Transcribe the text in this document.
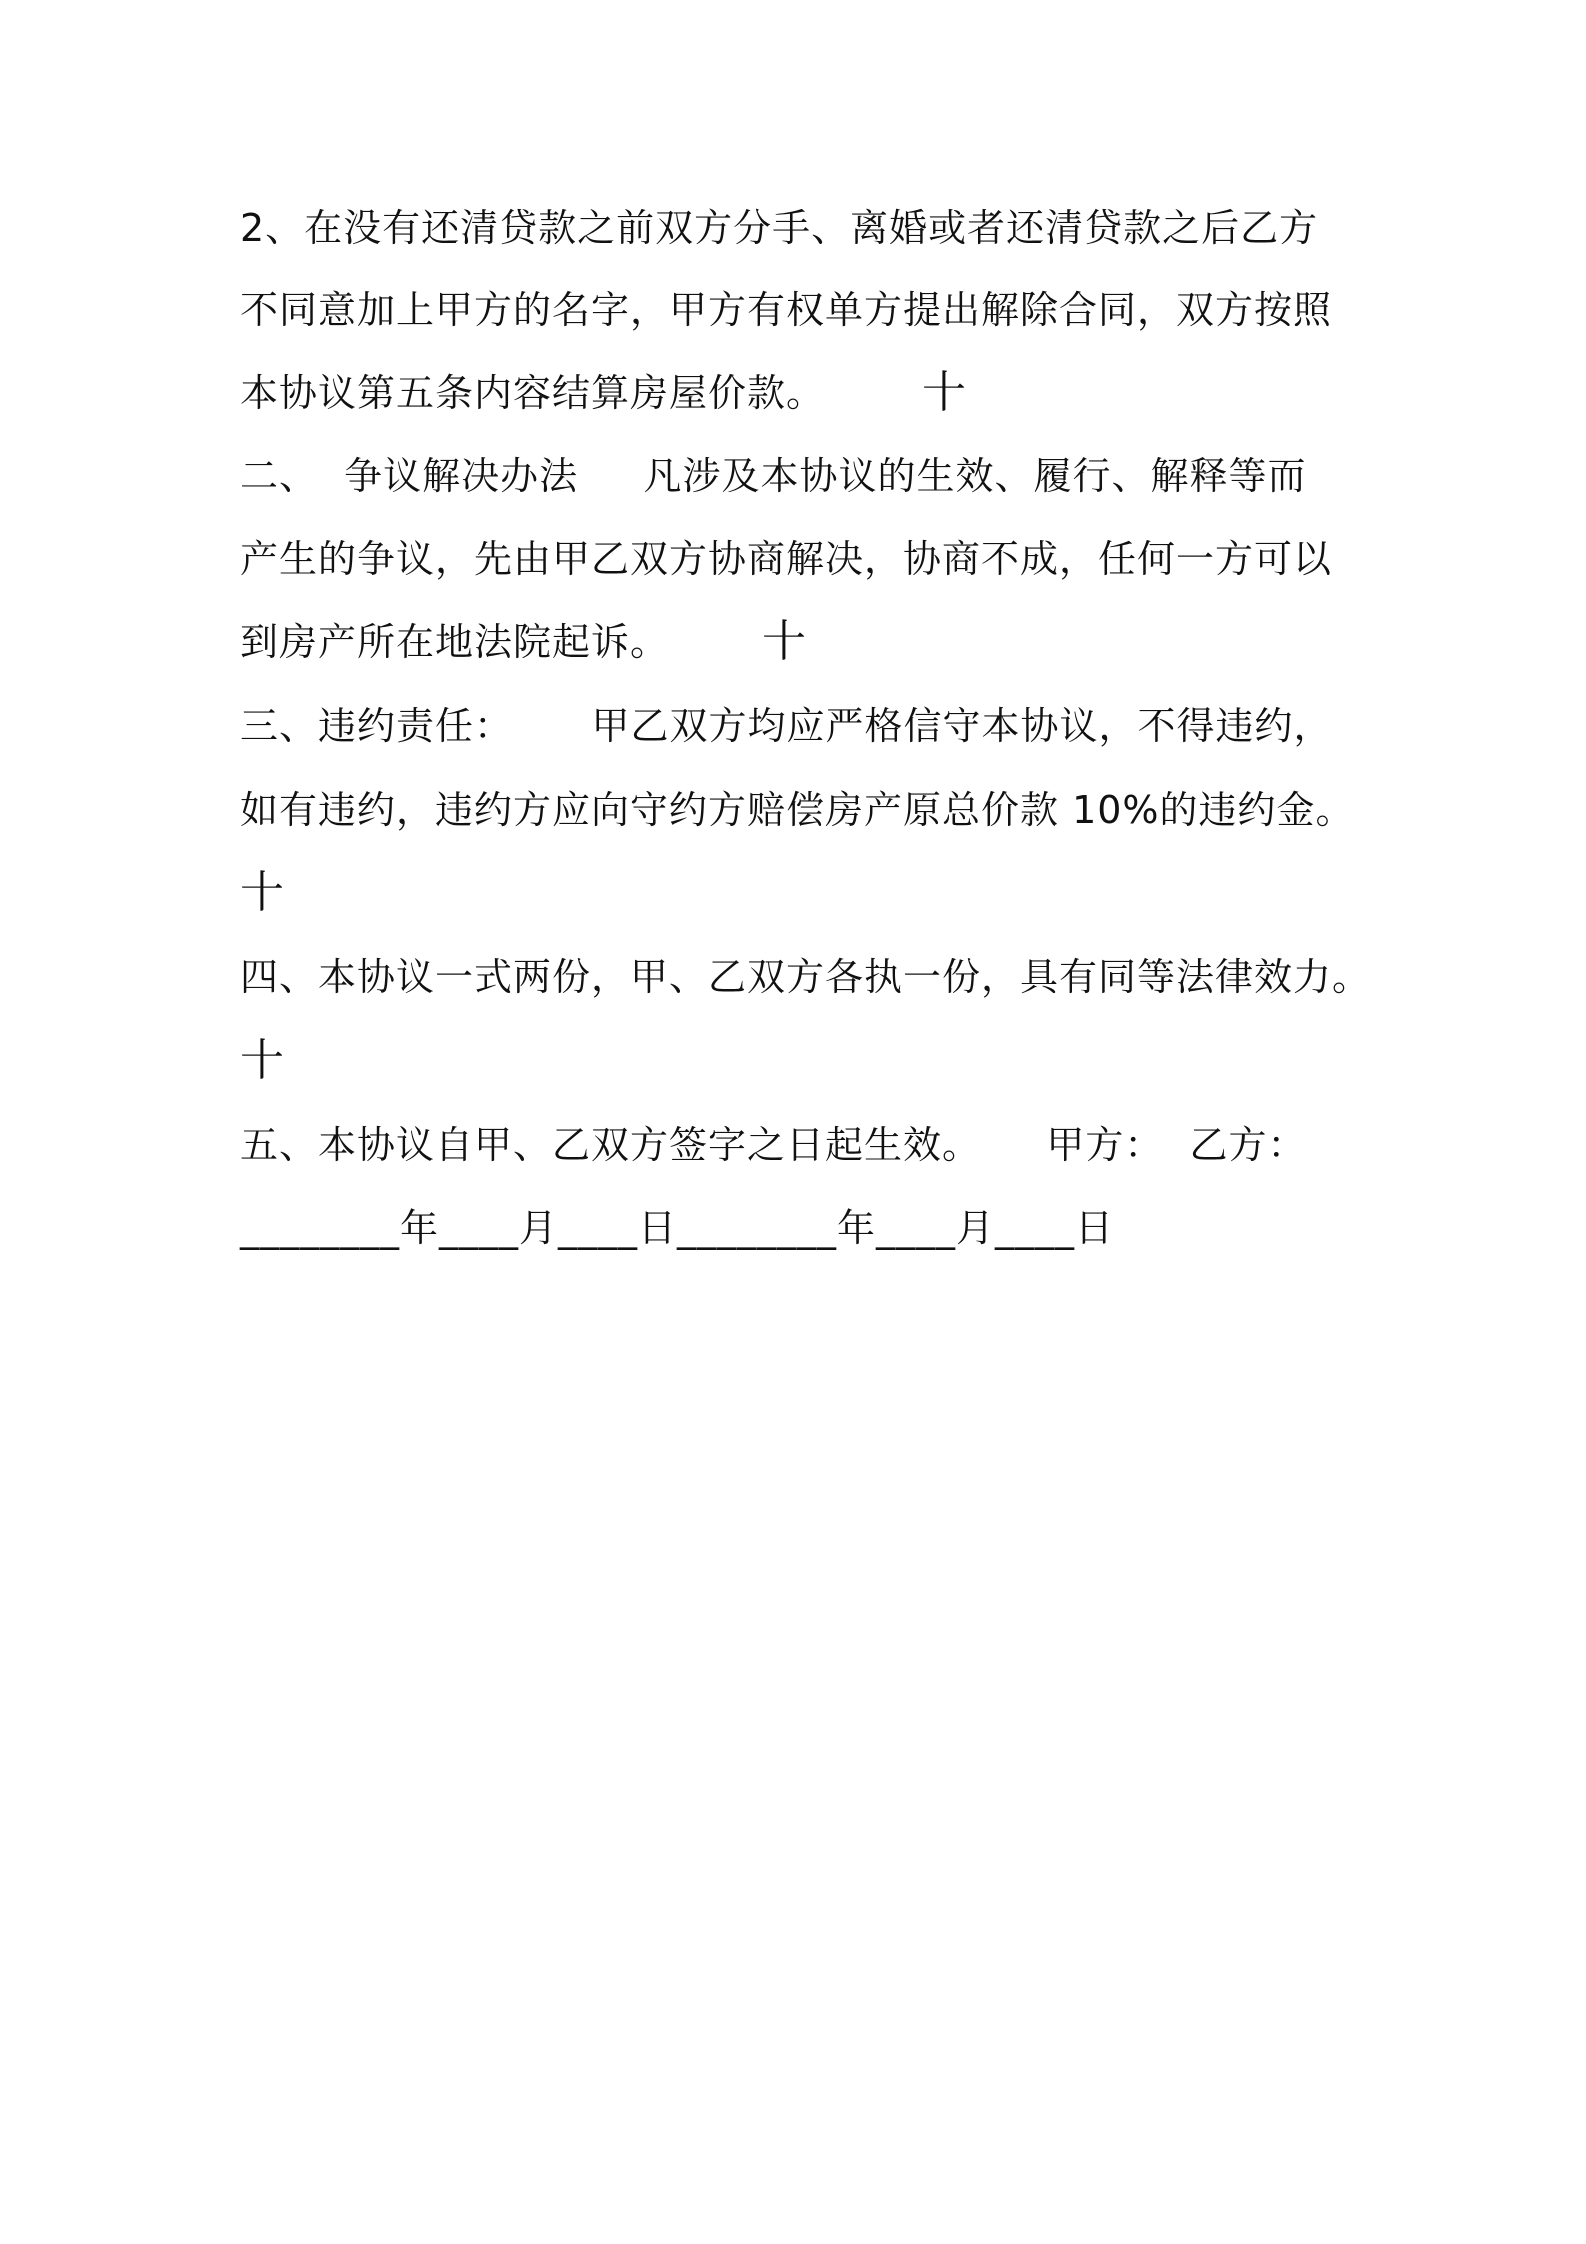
2、在没有还清贷款之前双方分手、离婚或者还清贷款之后乙方
不同意加上甲方的名字，甲方有权单方提出解除合同，双方按照
本协议第五条内容结算房屋价款。 十
二、  争议解决办法     凡涉及本协议的生效、履行、解释等而
产生的争议，先由甲乙双方协商解决，协商不成，任何一方可以
到房产所在地法院起诉。 十
三、违约责任：      甲乙双方均应严格信守本协议，不得违约，
如有违约，违约方应向守约方赔偿房产原总价款 10%的违约金。
十
四、本协议一式两份，甲、乙双方各执一份，具有同等法律效力。
十
五、本协议自甲、乙双方签字之日起生效。     甲方：  乙方：
________年____月____日________年____月____日
